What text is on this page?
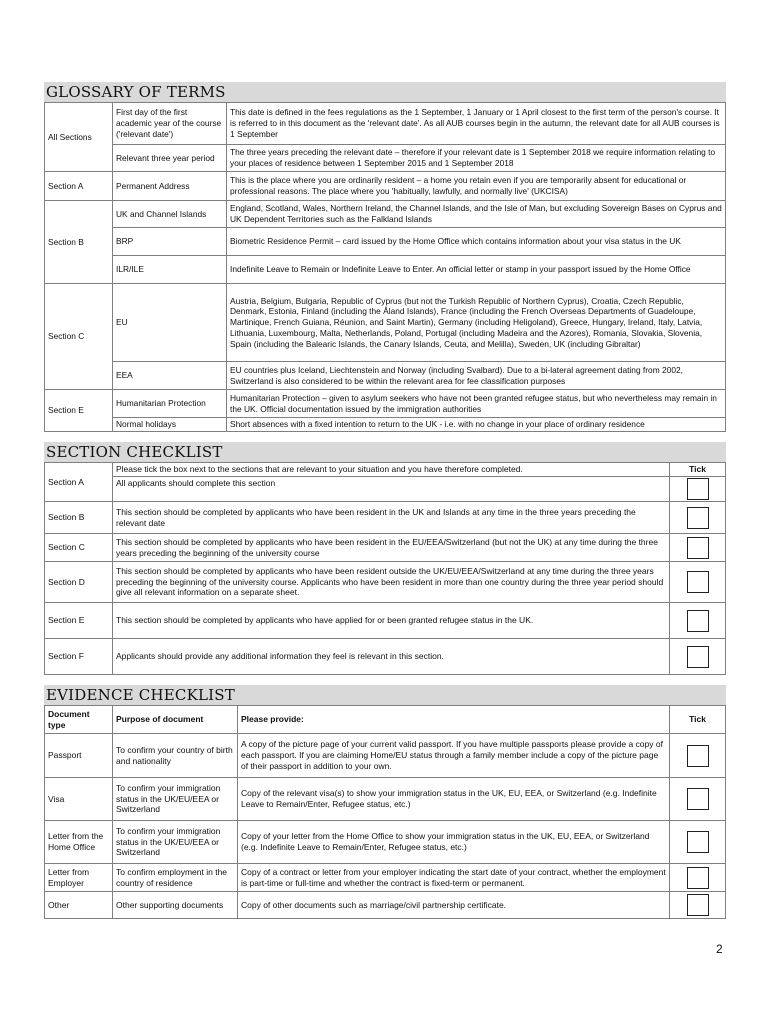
GLOSSARY OF TERMS
All Sections	First day of the first academic year of the course ('relevant date')	This date is defined in the fees regulations as the 1 September, 1 January or 1 April closest to the first term of the person's course. It is referred to in this document as the 'relevant date'. As all AUB courses begin in the autumn, the relevant date for all AUB courses is 1 September
	Relevant three year period	The three years preceding the relevant date – therefore if your relevant date is 1 September 2018 we require information relating to your places of residence between 1 September 2015 and 1 September 2018
Section A	Permanent Address	This is the place where you are ordinarily resident – a home you retain even if you are temporarily absent for educational or professional reasons. The place where you 'habitually, lawfully, and normally live' (UKCISA)
Section B	UK and Channel Islands	England, Scotland, Wales, Northern Ireland, the Channel Islands, and the Isle of Man, but excluding Sovereign Bases on Cyprus and UK Dependent Territories such as the Falkland Islands
	BRP	Biometric Residence Permit – card issued by the Home Office which contains information about your visa status in the UK
	ILR/ILE	Indefinite Leave to Remain or Indefinite Leave to Enter. An official letter or stamp in your passport issued by the Home Office
Section C	EU	Austria, Belgium, Bulgaria, Republic of Cyprus (but not the Turkish Republic of Northern Cyprus), Croatia, Czech Republic, Denmark, Estonia, Finland (including the Åland Islands), France (including the French Overseas Departments of Guadeloupe, Martinique, French Guiana, Réunion, and Saint Martin), Germany (including Heligoland), Greece, Hungary, Ireland, Italy, Latvia, Lithuania, Luxembourg, Malta, Netherlands, Poland, Portugal (including Madeira and the Azores), Romania, Slovakia, Slovenia, Spain (including the Balearic Islands, the Canary Islands, Ceuta, and Melilla), Sweden, UK (including Gibraltar)
	EEA	EU countries plus Iceland, Liechtenstein and Norway (including Svalbard). Due to a bi-lateral agreement dating from 2002, Switzerland is also considered to be within the relevant area for fee classification purposes
Section E	Humanitarian Protection	Humanitarian Protection – given to asylum seekers who have not been granted refugee status, but who nevertheless may remain in the UK. Official documentation issued by the immigration authorities
	Normal holidays	Short absences with a fixed intention to return to the UK - i.e. with no change in your place of ordinary residence
SECTION CHECKLIST
Section A	Please tick the box next to the sections that are relevant to your situation and you have therefore completed.	Tick
	All applicants should complete this section	

Section B	This section should be completed by applicants who have been resident in the UK and Islands at any time in the three years preceding the relevant date	

Section C	This section should be completed by applicants who have been resident in the EU/EEA/Switzerland (but not the UK) at any time during the three years preceding the beginning of the university course	

Section D	This section should be completed by applicants who have been resident outside the UK/EU/EEA/Switzerland at any time during the three years preceding the beginning of the university course. Applicants who have been resident in more than one country during the three year period should give all relevant information on a separate sheet.	

Section E	This section should be completed by applicants who have applied for or been granted refugee status in the UK.	

Section F	Applicants should provide any additional information they feel is relevant in this section.	
EVIDENCE CHECKLIST
Document type	Purpose of document	Please provide:	Tick
Passport	To confirm your country of birth and nationality	A copy of the picture page of your current valid passport. If you have multiple passports please provide a copy of each passport. If you are claiming Home/EU status through a family member include a copy of the picture page of their passport in addition to your own.	

Visa	To confirm your immigration status in the UK/EU/EEA or Switzerland	Copy of the relevant visa(s) to show your immigration status in the UK, EU, EEA, or Switzerland (e.g. Indefinite Leave to Remain/Enter, Refugee status, etc.)	

Letter from the Home Office	To confirm your immigration status in the UK/EU/EEA or Switzerland	Copy of your letter from the Home Office to show your immigration status in the UK, EU, EEA, or Switzerland (e.g. Indefinite Leave to Remain/Enter, Refugee status, etc.)	

Letter from Employer	To confirm employment in the country of residence	Copy of a contract or letter from your employer indicating the start date of your contract, whether the employment is part-time or full-time and whether the contract is fixed-term or permanent.	

Other	Other supporting documents	Copy of other documents such as marriage/civil partnership certificate.	
2
